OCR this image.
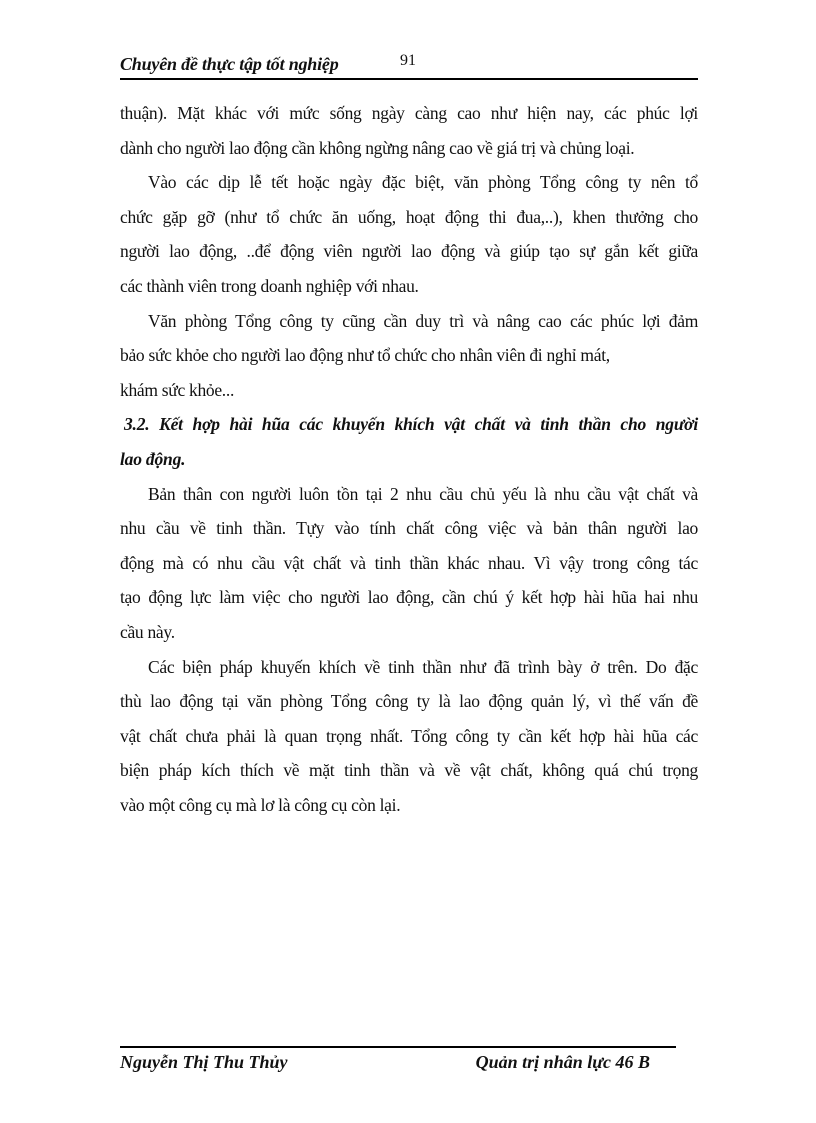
Chuyên đề thực tập tốt nghiệp	91

thuận). Mặt khác với mức sống ngày càng cao như hiện nay, các phúc lợi
dành cho người lao động cần không ngừng nâng cao về giá trị và chủng loại.

Vào các dịp lễ tết hoặc ngày đặc biệt, văn phòng Tổng công ty nên tổ
chức gặp gỡ (như tổ chức ăn uống, hoạt động thi đua,..), khen thưởng cho
người lao động, ..để động viên người lao động và giúp tạo sự gắn kết giữa
các thành viên trong doanh nghiệp với nhau.

Văn phòng Tổng công ty cũng cần duy trì và nâng cao các phúc lợi đảm
bảo sức khỏe cho người lao động như tổ chức cho nhân viên đi nghỉ mát,
khám sức khỏe...

3.2. Kết hợp hài hũa các khuyến khích vật chất và tinh thần cho người
lao động.

Bản thân con người luôn tồn tại 2 nhu cầu chủ yếu là nhu cầu vật chất và
nhu cầu về tinh thần. Tựy vào tính chất công việc và bản thân người lao
động mà có nhu cầu vật chất và tinh thần khác nhau. Vì vậy trong công tác
tạo động lực làm việc cho người lao động, cần chú ý kết hợp hài hũa hai nhu
cầu này.

Các biện pháp khuyến khích về tinh thần như đã trình bày ở trên. Do đặc
thù lao động tại văn phòng Tổng công ty là lao động quản lý, vì thế vấn đề
vật chất chưa phải là quan trọng nhất. Tổng công ty cần kết hợp hài hũa các
biện pháp kích thích về mặt tinh thần và về vật chất, không quá chú trọng
vào một công cụ mà lơ là công cụ còn lại.

Nguyễn Thị Thu Thủy	Quản trị nhân lực 46 B
